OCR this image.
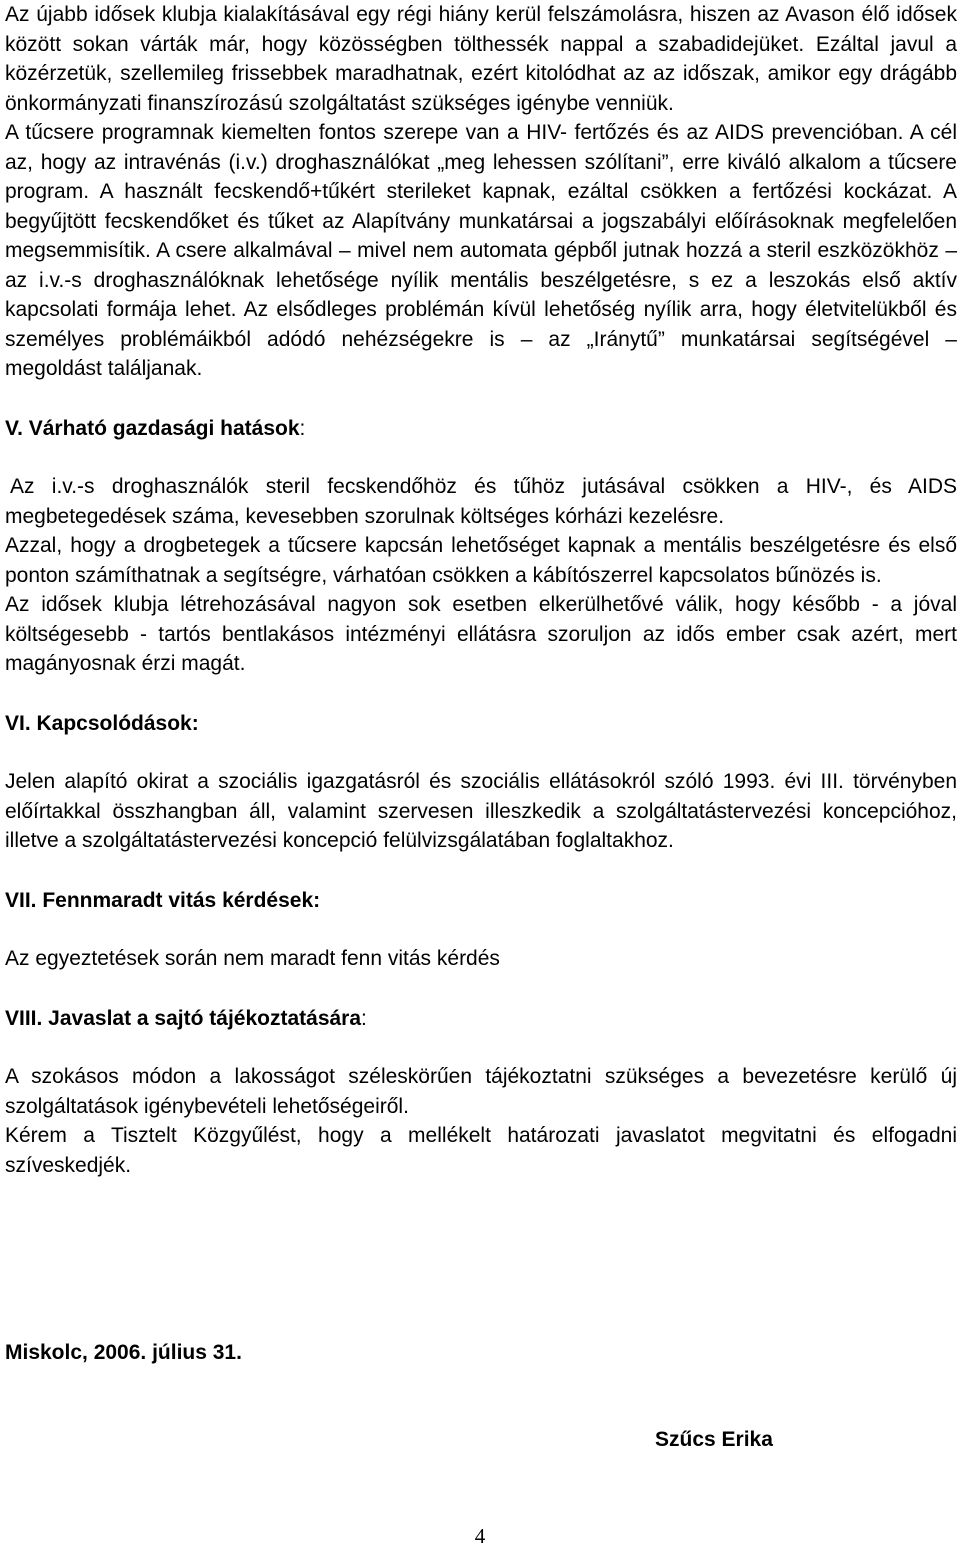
Az újabb idősek klubja kialakításával egy régi hiány kerül felszámolásra, hiszen az Avason élő idősek között sokan várták már, hogy közösségben tölthessék nappal a szabadidejüket. Ezáltal javul a közérzetük, szellemileg frissebbek maradhatnak, ezért kitolódhat az az időszak, amikor egy drágább önkormányzati finanszírozású szolgáltatást szükséges igénybe venniük.

A tűcsere programnak kiemelten fontos szerepe van a HIV- fertőzés és az AIDS prevencióban. A cél az, hogy az intravénás (i.v.) droghasználókat „meg lehessen szólítani”, erre kiváló alkalom a tűcsere program. A használt fecskendő+tűkért sterileket kapnak, ezáltal csökken a fertőzési kockázat. A begyűjtött fecskendőket és tűket az Alapítvány munkatársai a jogszabályi előírásoknak megfelelően megsemmisítik. A csere alkalmával – mivel nem automata gépből jutnak hozzá a steril eszközökhöz – az i.v.-s droghasználóknak lehetősége nyílik mentális beszélgetésre, s ez a leszokás első aktív kapcsolati formája lehet. Az elsődleges problémán kívül lehetőség nyílik arra, hogy életvitelükből és személyes problémáikból adódó nehézségekre is – az „Iránytű” munkatársai segítségével – megoldást találjanak.

V. Várható gazdasági hatások:

Az i.v.-s droghasználók steril fecskendőhöz és tűhöz jutásával csökken a HIV-, és AIDS megbetegedések száma, kevesebben szorulnak költséges kórházi kezelésre.

Azzal, hogy a drogbetegek a tűcsere kapcsán lehetőséget kapnak a mentális beszélgetésre és első ponton számíthatnak a segítségre, várhatóan csökken a kábítószerrel kapcsolatos bűnözés is.

Az idősek klubja létrehozásával nagyon sok esetben elkerülhetővé válik, hogy később - a jóval költségesebb - tartós bentlakásos intézményi ellátásra szoruljon az idős ember csak azért, mert magányosnak érzi magát.

VI. Kapcsolódások:

Jelen alapító okirat a szociális igazgatásról és szociális ellátásokról szóló 1993. évi III. törvényben előírtakkal összhangban áll, valamint szervesen illeszkedik a szolgáltatástervezési koncepcióhoz, illetve a szolgáltatástervezési koncepció felülvizsgálatában foglaltakhoz.

VII. Fennmaradt vitás kérdések:

Az egyeztetések során nem maradt fenn vitás kérdés

VIII. Javaslat a sajtó tájékoztatására:

A szokásos módon a lakosságot széleskörűen tájékoztatni szükséges a bevezetésre kerülő új szolgáltatások igénybevételi lehetőségeiről.

Kérem a Tisztelt Közgyűlést, hogy a mellékelt határozati javaslatot megvitatni és elfogadni szíveskedjék.

Miskolc, 2006. július 31.

Szűcs Erika

4
